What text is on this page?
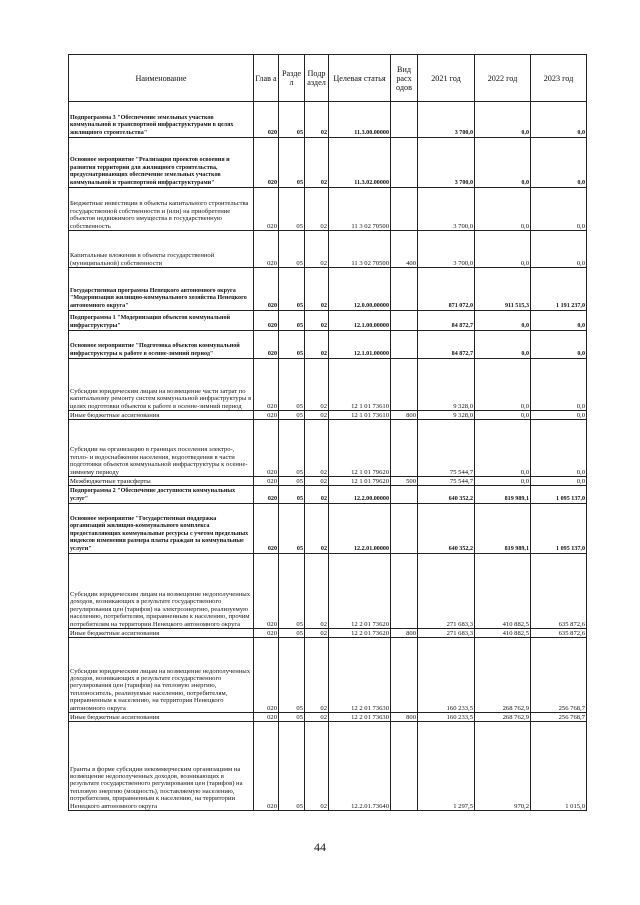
Наименование	Глав а	Разде л	Подр аздел	Целевая статья	Вид расх одов	2021 год	2022 год	2023 год
Подпрограмма 3 "Обеспечение земельных участков коммунальной и транспортной инфраструктурами в целях жилищного строительства"	020	05	02	11.3.00.00000		3 700,0	0,0	0,0
Основное мероприятие "Реализация проектов освоения и развития территории для жилищного строительства, предусматривающих обеспечение земельных участков коммунальной и транспортной инфраструктурами"	020	05	02	11.3.02.00000		3 700,0	0,0	0,0
Бюджетные инвестиции в объекты капитального строительства государственной собственности и (или) на приобретение объектов недвижимого имущества в государственную собственность	020	05	02	11 3 02 70500		3 700,0	0,0	0,0
Капитальные вложения в объекты государственной (муниципальной) собственности	020	05	02	11 3 02 70500	400	3 700,0	0,0	0,0
Государственная программа Ненецкого автономного округа "Модернизация жилищно-коммунального хозяйства Ненецкого автономного округа"	020	05	02	12.0.00.00000		871 072,0	911 515,3	1 191 237,0
Подпрограмма 1 "Модернизация объектов коммунальной инфраструктуры"	020	05	02	12.1.00.00000		84 872,7	0,0	0,0
Основное мероприятие "Подготовка объектов коммунальной инфраструктуры к работе в осенне-зимний период"	020	05	02	12.1.01.00000		84 872,7	0,0	0,0
Субсидии юридическим лицам на возмещение части затрат по капитальному ремонту систем коммунальной инфраструктуры в целях подготовки объектов к работе в осенне-зимний период	020	05	02	12 1 01 73610		9 328,0	0,0	0,0
Иные бюджетные ассигнования	020	05	02	12 1 01 73610	800	9 328,0	0,0	0,0
Субсидии на организацию в границах поселения электро-, тепло- и водоснабжения населения, водоотведения в части подготовки объектов коммунальной инфраструктуры к осенне-зимнему периоду	020	05	02	12 1 01 79620		75 544,7	0,0	0,0
Межбюджетные трансферты	020	05	02	12 1 01 79620	500	75 544,7	0,0	0,0
Подпрограмма 2 "Обеспечение доступности коммунальных услуг"	020	05	02	12.2.00.00000		640 352,2	819 989,1	1 095 137,0
Основное мероприятие "Государственная поддержка организаций жилищно-коммунального комплекса предоставляющих коммунальные ресурсы с учетом предельных индексов изменения размера платы граждан за коммунальные услуги"	020	05	02	12.2.01.00000		640 352,2	819 989,1	1 095 137,0
Субсидии юридическим лицам на возмещение недополученных доходов, возникающих в результате государственного регулирования цен (тарифов) на электроэнергию, реализуемую населению, потребителям, приравненным к населению, прочим потребителям на территории Ненецкого автономного округа	020	05	02	12 2 01 73620		271 683,3	410 882,5	635 872,6
Иные бюджетные ассигнования	020	05	02	12 2 01 73620	800	271 683,3	410 882,5	635 872,6
Субсидии юридическим лицам на возмещение недополученных доходов, возникающих в результате государственного регулирования цен (тарифов) на тепловую энергию, теплоноситель, реализуемые населению, потребителям, приравненным к населению, на территория Ненецкого автономного округа	020	05	02	12 2 01 73630		160 233,5	268 762,9	256 768,7
Иные бюджетные ассигнования	020	05	02	12 2 01 73630	800	160 233,5	268 762,9	256 768,7
Гранты в форме субсидии некоммерческим организациям на возмещение недополученных доходов, возникающих в результате государственного регулирования цен (тарифов) на тепловую энергию (мощность), поставляемую населению, потребителям, приравненным к населению, на территории Ненецкого автономного округа	020	05	02	12.2.01.73640		1 297,5	970,2	1 015,0
44
